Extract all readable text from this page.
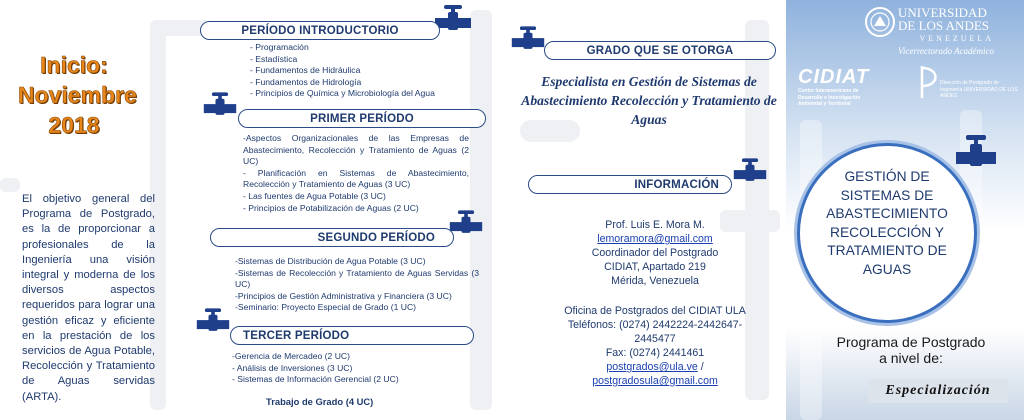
Inicio:
Noviembre
2018
El objetivo general del Programa de Postgrado, es la de proporcionar a profesionales de la Ingeniería una visión integral y moderna de los diversos aspectos requeridos para lograr una gestión eficaz y eficiente en la prestación de los servicios de Agua Potable, Recolección y Tratamiento de Aguas servidas (ARTA).
PERÍODO INTRODUCTORIO
- Programación
- Estadística
- Fundamentos de Hidráulica
- Fundamentos de Hidrología
- Principios de Química y Microbiología del Agua
PRIMER PERÍODO
-Aspectos Organizacionales de las Empresas de Abastecimiento, Recolección y Tratamiento de Aguas (2 UC)
- Planificación en Sistemas de Abastecimiento, Recolección y Tratamiento de Aguas (3 UC)
- Las fuentes de Agua Potable (3 UC)
- Principios de Potabilización de Aguas (2 UC)
SEGUNDO PERÍODO
-Sistemas de Distribución de Agua Potable (3 UC)
-Sistemas de Recolección y Tratamiento de Aguas Servidas (3 UC)
-Principios de Gestión Administrativa y Financiera (3 UC)
-Seminario: Proyecto Especial de Grado (1 UC)
TERCER PERÍODO
-Gerencia de Mercadeo (2 UC)
- Análisis de Inversiones (3 UC)
- Sistemas de Información Gerencial (2 UC)
Trabajo de Grado (4 UC)
GRADO QUE SE OTORGA
Especialista en Gestión de Sistemas de Abastecimiento Recolección y Tratamiento de Aguas
INFORMACIÓN
Prof. Luis E. Mora M.
lemoramora@gmail.com
Coordinador del Postgrado
CIDIAT, Apartado 219
Mérida, Venezuela
Oficina de Postgrados del CIDIAT ULA
Teléfonos: (0274) 2442224-2442647-2445477
Fax: (0274) 2441461
postgrados@ula.ve /
postgradosula@gmail.com
UNIVERSIDAD
DE LOS ANDES
VENEZUELA
Vicerrectorado Académico
CIDIAT
Centro Interamericano de Desarrollo e Investigación Ambiental y Territorial
Dirección de Postgrado de Ingeniería UNIVERSIDAD DE LOS ANDES
GESTIÓN DE SISTEMAS DE ABASTECIMIENTO RECOLECCIÓN Y TRATAMIENTO DE AGUAS
Programa de Postgrado
a nivel de:
Especialización
